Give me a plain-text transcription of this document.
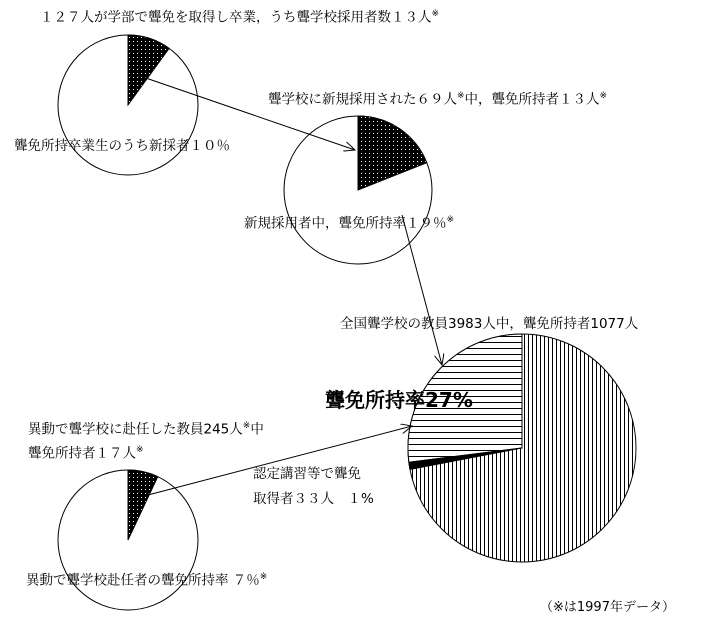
１２７人が学部で聾免を取得し卒業，うち聾学校採用者数１３人※
聾免所持卒業生のうち新採者１０％
聾学校に新規採用された６９人※中，聾免所持者１３人※
新規採用者中，聾免所持率１９％※
全国聾学校の教員3983人中，聾免所持者1077人
聾免所持率27%
異動で聾学校に赴任した教員245人※中
聾免所持者１７人※
認定講習等で聾免
取得者３３人　１%
異動で聾学校赴任者の聾免所持率 ７％※
（※は1997年データ）
